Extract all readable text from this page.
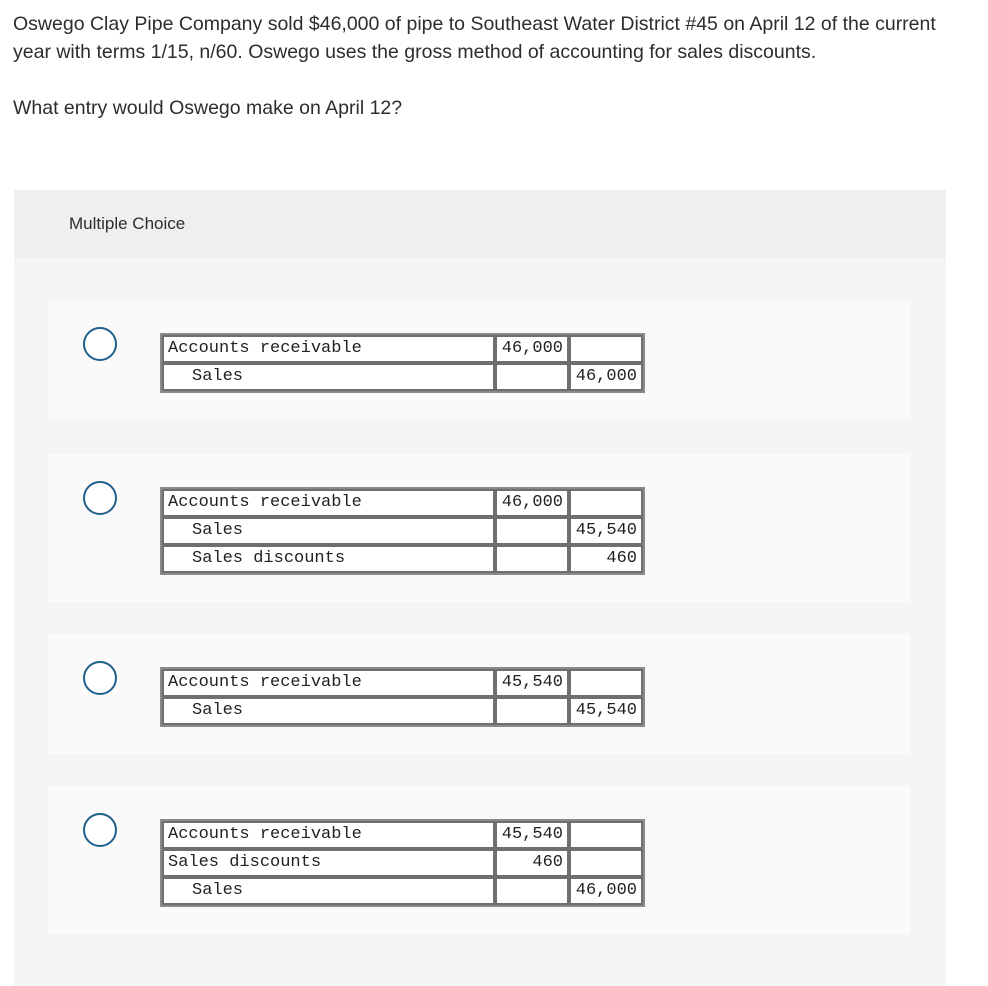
Oswego Clay Pipe Company sold $46,000 of pipe to Southeast Water District #45 on April 12 of the current year with terms 1/15, n/60. Oswego uses the gross method of accounting for sales discounts.

What entry would Oswego make on April 12?

Multiple Choice
Accounts receivable	46,000	
Sales		46,000
Accounts receivable	46,000	
Sales		45,540
Sales discounts		460
Accounts receivable	45,540	
Sales		45,540
Accounts receivable	45,540	
Sales discounts	460	
Sales		46,000
